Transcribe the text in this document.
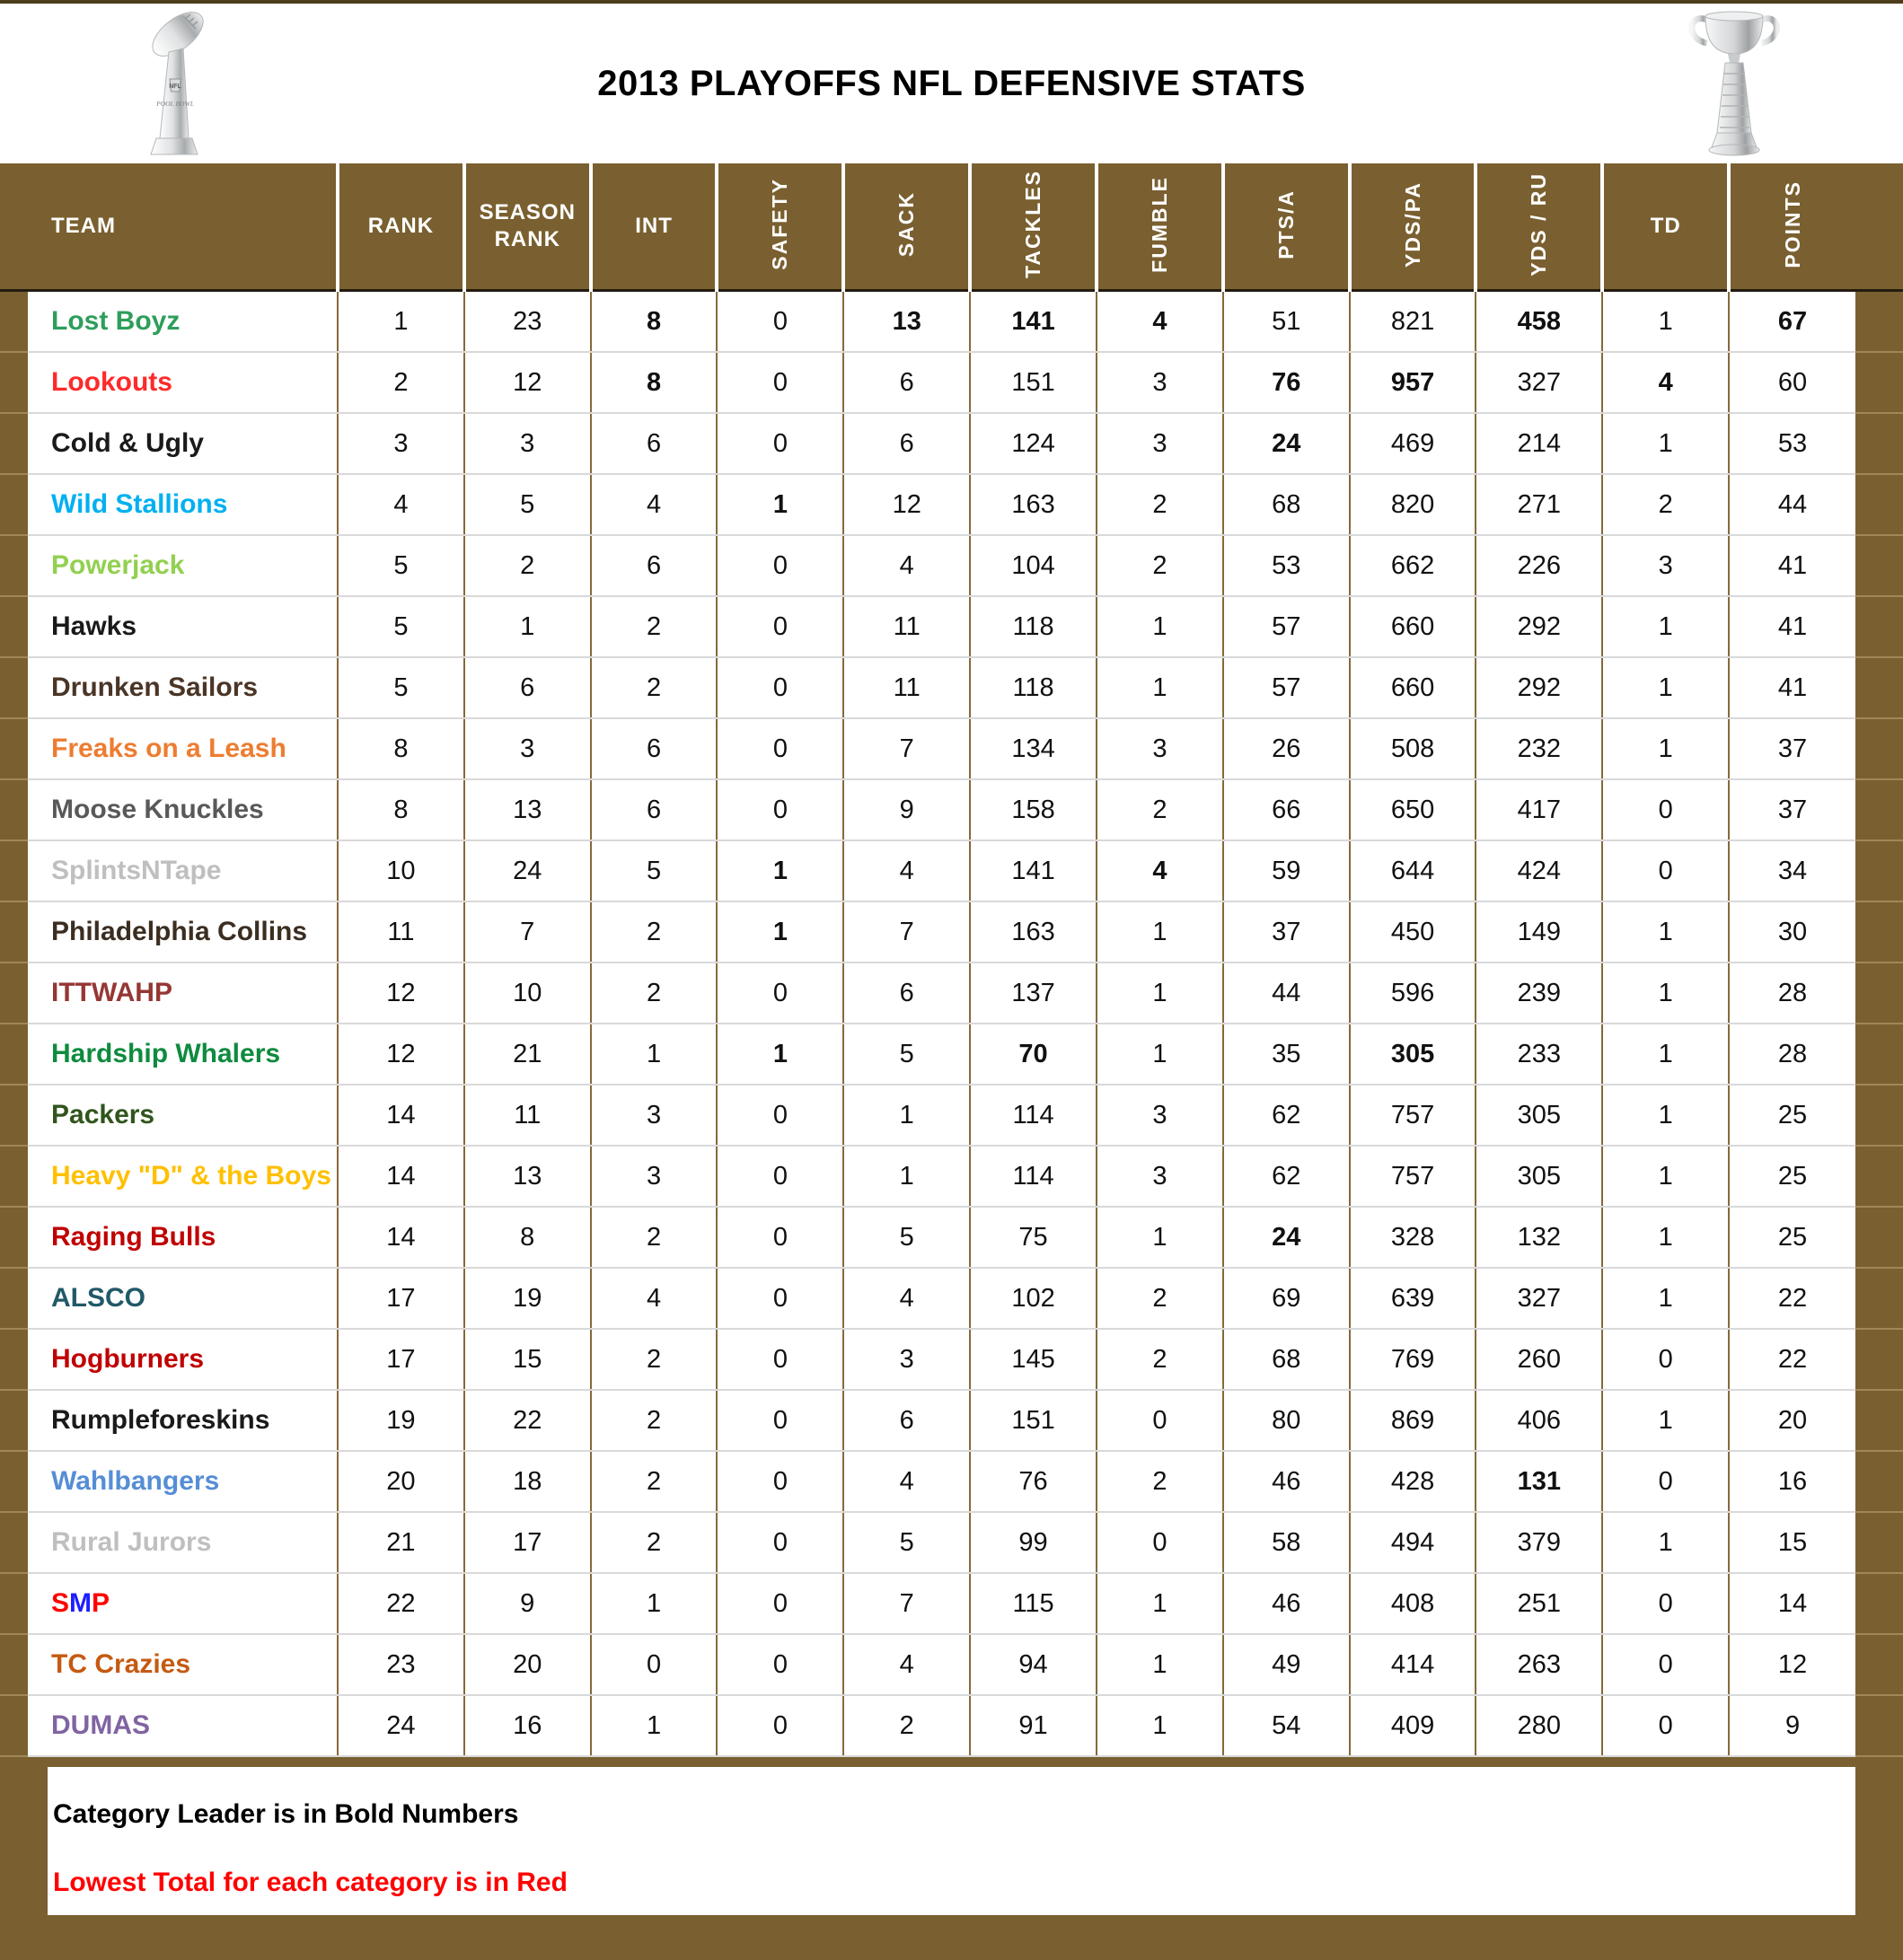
NFL
POOL BOWL
2013 PLAYOFFS NFL DEFENSIVE STATS

	TEAM	RANK	SEASON RANK	INT	SAFETY	SACK	TACKLES	FUMBLE	PTS/A	YDS/PA	YDS / RU	TD	POINTS	
	Lost Boyz	1	23	8	0	13	141	4	51	821	458	1	67	
	Lookouts	2	12	8	0	6	151	3	76	957	327	4	60	
	Cold & Ugly	3	3	6	0	6	124	3	24	469	214	1	53	
	Wild Stallions	4	5	4	1	12	163	2	68	820	271	2	44	
	Powerjack	5	2	6	0	4	104	2	53	662	226	3	41	
	Hawks	5	1	2	0	11	118	1	57	660	292	1	41	
	Drunken Sailors	5	6	2	0	11	118	1	57	660	292	1	41	
	Freaks on a Leash	8	3	6	0	7	134	3	26	508	232	1	37	
	Moose Knuckles	8	13	6	0	9	158	2	66	650	417	0	37	
	SplintsNTape	10	24	5	1	4	141	4	59	644	424	0	34	
	Philadelphia Collins	11	7	2	1	7	163	1	37	450	149	1	30	
	ITTWAHP	12	10	2	0	6	137	1	44	596	239	1	28	
	Hardship Whalers	12	21	1	1	5	70	1	35	305	233	1	28	
	Packers	14	11	3	0	1	114	3	62	757	305	1	25	
	Heavy "D" & the Boys	14	13	3	0	1	114	3	62	757	305	1	25	
	Raging Bulls	14	8	2	0	5	75	1	24	328	132	1	25	
	ALSCO	17	19	4	0	4	102	2	69	639	327	1	22	
	Hogburners	17	15	2	0	3	145	2	68	769	260	0	22	
	Rumpleforeskins	19	22	2	0	6	151	0	80	869	406	1	20	
	Wahlbangers	20	18	2	0	4	76	2	46	428	131	0	16	
	Rural Jurors	21	17	2	0	5	99	0	58	494	379	1	15	
	SMP	22	9	1	0	7	115	1	46	408	251	0	14	
	TC Crazies	23	20	0	0	4	94	1	49	414	263	0	12	
	DUMAS	24	16	1	0	2	91	1	54	409	280	0	9	

Category Leader is in Bold Numbers

Lowest Total for each category is in Red
